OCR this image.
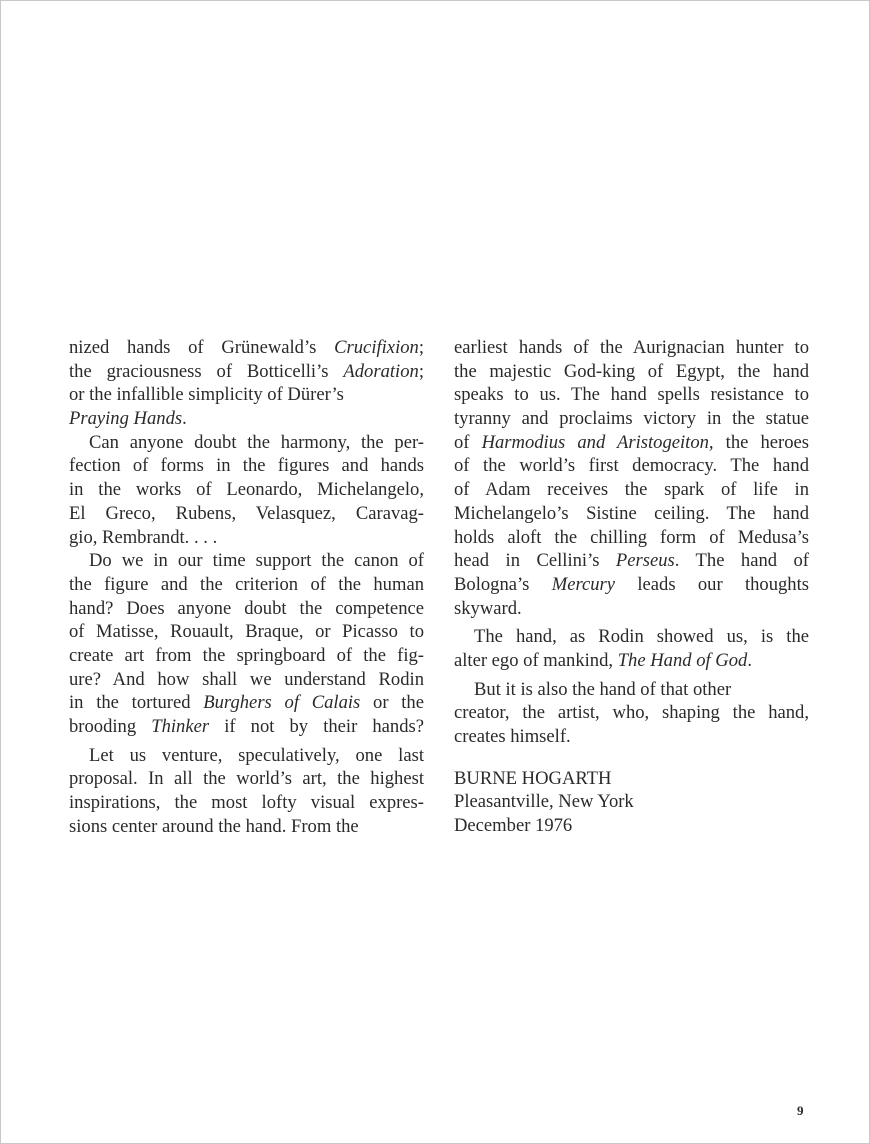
nized hands of Grünewald’s Crucifixion;
the graciousness of Botticelli’s Adoration;
or the infallible simplicity of Dürer’s
Praying Hands.
Can anyone doubt the harmony, the per-
fection of forms in the figures and hands
in the works of Leonardo, Michelangelo,
El Greco, Rubens, Velasquez, Caravag-
gio, Rembrandt. . . .
Do we in our time support the canon of
the figure and the criterion of the human
hand? Does anyone doubt the competence
of Matisse, Rouault, Braque, or Picasso to
create art from the springboard of the fig-
ure? And how shall we understand Rodin
in the tortured Burghers of Calais or the
brooding Thinker if not by their hands?
Let us venture, speculatively, one last
proposal. In all the world’s art, the highest
inspirations, the most lofty visual expres-
sions center around the hand. From the
earliest hands of the Aurignacian hunter to
the majestic God-king of Egypt, the hand
speaks to us. The hand spells resistance to
tyranny and proclaims victory in the statue
of Harmodius and Aristogeiton, the heroes
of the world’s first democracy. The hand
of Adam receives the spark of life in
Michelangelo’s Sistine ceiling. The hand
holds aloft the chilling form of Medusa’s
head in Cellini’s Perseus. The hand of
Bologna’s Mercury leads our thoughts
skyward.
The hand, as Rodin showed us, is the
alter ego of mankind, The Hand of God.
But it is also the hand of that other
creator, the artist, who, shaping the hand,
creates himself.
BURNE HOGARTH
Pleasantville, New York
December 1976
9
